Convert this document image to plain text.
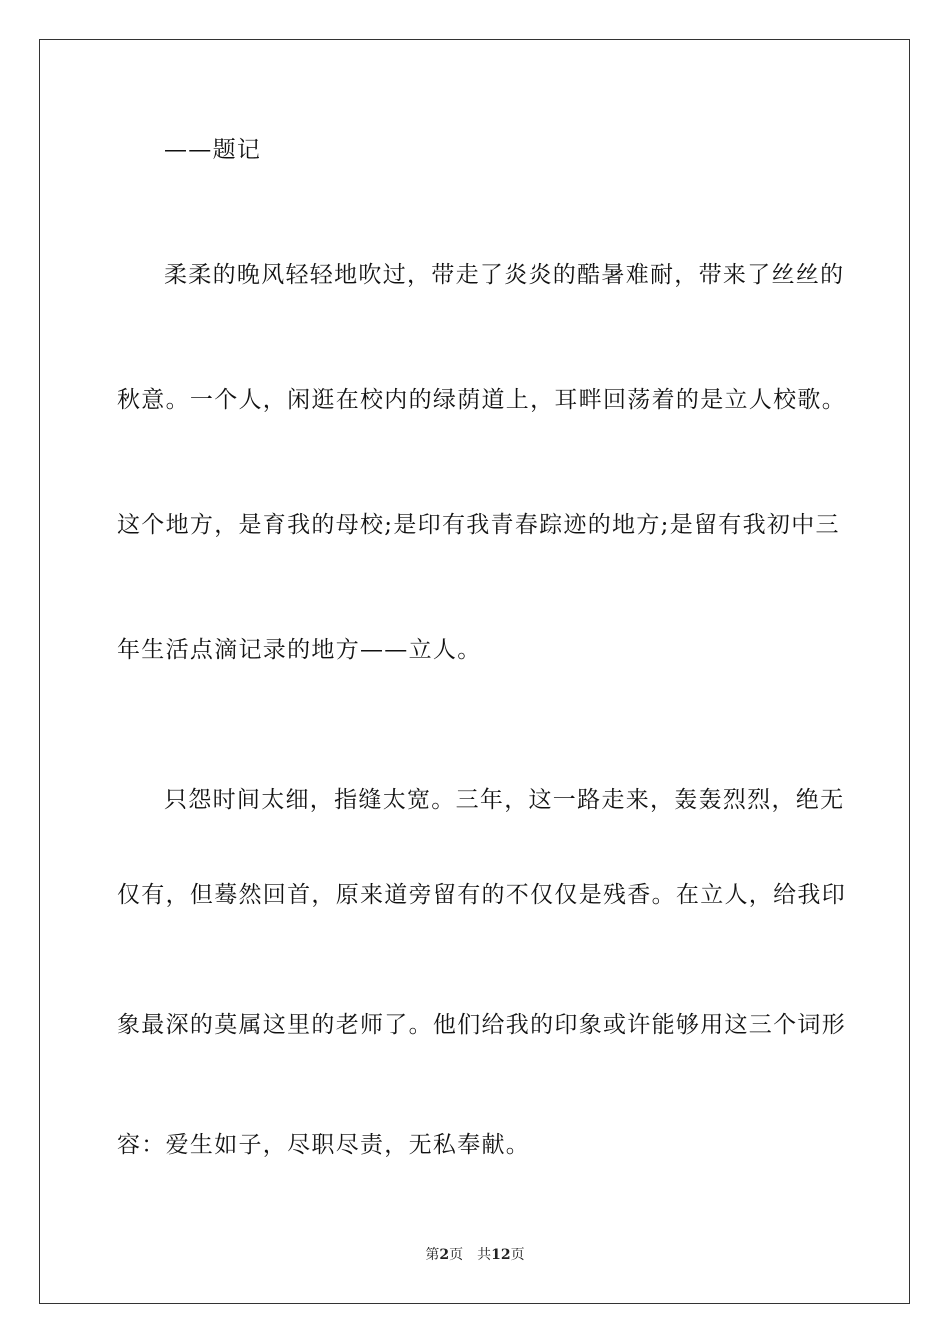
——题记
柔柔的晚风轻轻地吹过，带走了炎炎的酷暑难耐，带来了丝丝的
秋意。一个人，闲逛在校内的绿荫道上，耳畔回荡着的是立人校歌。
这个地方，是育我的母校;是印有我青春踪迹的地方;是留有我初中三
年生活点滴记录的地方——立人。
只怨时间太细，指缝太宽。三年，这一路走来，轰轰烈烈，绝无
仅有，但蓦然回首，原来道旁留有的不仅仅是残香。在立人，给我印
象最深的莫属这里的老师了。他们给我的印象或许能够用这三个词形
容：爱生如子，尽职尽责，无私奉献。
第2页 共12页
